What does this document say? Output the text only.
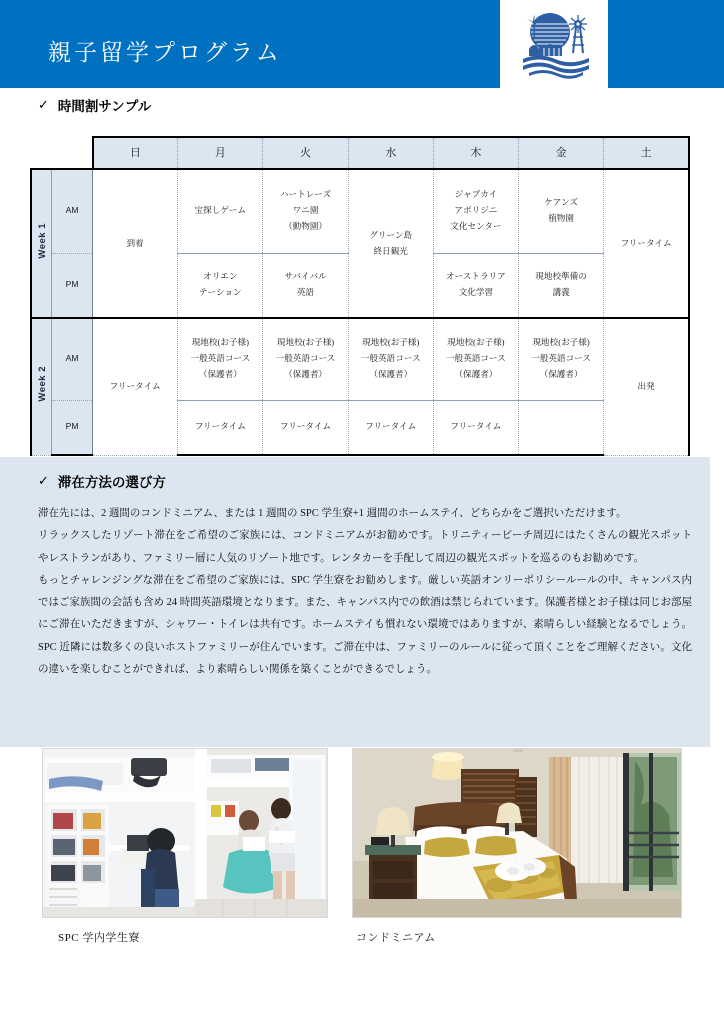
親子留学プログラム
✓ 時間割サンプル
		日	月	火	水	木	金	土
Week 1	AM	到着	宝探しゲーム	ハートレーズ
ワニ園
（動物園）	グリーン島
終日観光	ジャブカイ
アボリジニ
文化センター	ケアンズ
植物園	フリータイム

	PM		オリエン
テーション	サバイバル
英語		オーストラリア
文化学習	現地校準備の
講義	

Week 2	AM	フリータイム	現地校(お子様)
一般英語コース
（保護者）	現地校(お子様)
一般英語コース
（保護者）	現地校(お子様)
一般英語コース
（保護者）	現地校(お子様)
一般英語コース
（保護者）	現地校(お子様)
一般英語コース
（保護者）	出発

	PM		フリータイム	フリータイム	フリータイム	フリータイム		

✓ 滞在方法の選び方

滞在先には、2 週間のコンドミニアム、または 1 週間の SPC 学生寮+1 週間のホームステイ、どちらかをご選択いただけます。

リラックスしたリゾート滞在をご希望のご家族には、コンドミニアムがお勧めです。トリニティービーチ周辺にはたくさんの観光スポットやレストランがあり、ファミリー層に人気のリゾート地です。レンタカーを手配して周辺の観光スポットを巡るのもお勧めです。

もっとチャレンジングな滞在をご希望のご家族には、SPC 学生寮をお勧めします。厳しい英語オンリーポリシールールの中、キャンパス内ではご家族間の会話も含め 24 時間英語環境となります。また、キャンパス内での飲酒は禁じられています。保護者様とお子様は同じお部屋にご滞在いただきますが、シャワー・トイレは共有です。ホームステイも慣れない環境ではありますが、素晴らしい経験となるでしょう。SPC 近隣には数多くの良いホストファミリーが住んでいます。ご滞在中は、ファミリーのルールに従って頂くことをご理解ください。文化の違いを楽しむことができれば、より素晴らしい関係を築くことができるでしょう。

SPC 学内学生寮	コンドミニアム
